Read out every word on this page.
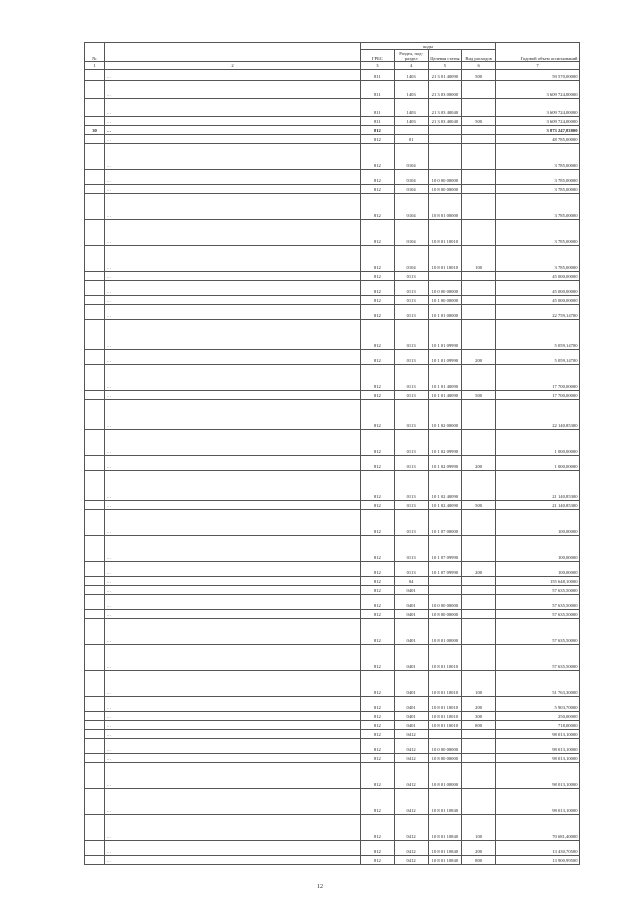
№		коды				Годовой объем ассигнований
		ГРБС	Раздел, под-раздел	Целевая статья	Вид расходов	
1	2	3	4	5	6	7
	…	811	1403	21 3 01 40090	500	59 570,00000
	…	811	1403	21 3 03 00000		3 609 724,00000
	…	811	1403	21 3 03 40040		3 609 724,00000
	…	811	1403	21 3 03 40040	500	3 609 724,00000
30	…	812				3 873 247,83800
	…	812	01			48 785,00000
	…	812	0104			3 785,00000
	…	812	0104	10 0 00 00000		3 785,00000
	…	812	0104	10 8 00 00000		3 785,00000
	…	812	0104	10 8 01 00000		3 785,00000
	…	812	0104	10 8 01 10010		3 785,00000
	…	812	0104	10 8 01 10010	100	3 785,00000
	…	812	0113			45 000,00000
	…	812	0113	10 0 00 00000		45 000,00000
	…	812	0113	10 1 00 00000		45 000,00000
	…	812	0113	10 1 01 00000		22 759,14700
	…	812	0113	10 1 01 09990		5 059,14700
	…	812	0113	10 1 01 09990	200	5 059,14700
	…	812	0113	10 1 01 40090		17 700,00000
	…	812	0113	10 1 01 40090	500	17 700,00000
	…	812	0113	10 1 02 00000		22 140,85300
	…	812	0113	10 1 02 09990		1 000,00000
	…	812	0113	10 1 02 09990	200	1 000,00000
	…	812	0113	10 1 02 40090		21 140,85300
	…	812	0113	10 1 02 40090	500	21 140,85300
	…	812	0113	10 1 07 00000		100,00000
	…	812	0113	10 1 07 09990		100,00000
	…	812	0113	10 1 07 09990	200	100,00000
	…	812	04			155 648,10000
	…	812	0401			57 635,50000
	…	812	0401	10 0 00 00000		57 635,50000
	…	812	0401	10 8 00 00000		57 635,50000
	…	812	0401	10 8 01 00000		57 635,50000
	…	812	0401	10 8 01 10010		57 635,50000
	…	812	0401	10 8 01 10010	100	51 763,30000
	…	812	0401	10 8 01 10010	200	5 903,70000
	…	812	0401	10 8 01 10010	300	250,00000
	…	812	0401	10 8 01 10010	800	718,00000
	…	812	0412			98 013,10000
	…	812	0412	10 0 00 00000		98 013,10000
	…	812	0412	10 8 00 00000		98 013,10000
	…	812	0412	10 8 01 00000		98 013,10000
	…	812	0412	10 8 01 10840		98 013,10000
	…	812	0412	10 8 01 10840	100	70 681,40000
	…	812	0412	10 8 01 10840	200	13 430,70500
	…	812	0412	10 8 01 10840	800	13 900,99500
12
